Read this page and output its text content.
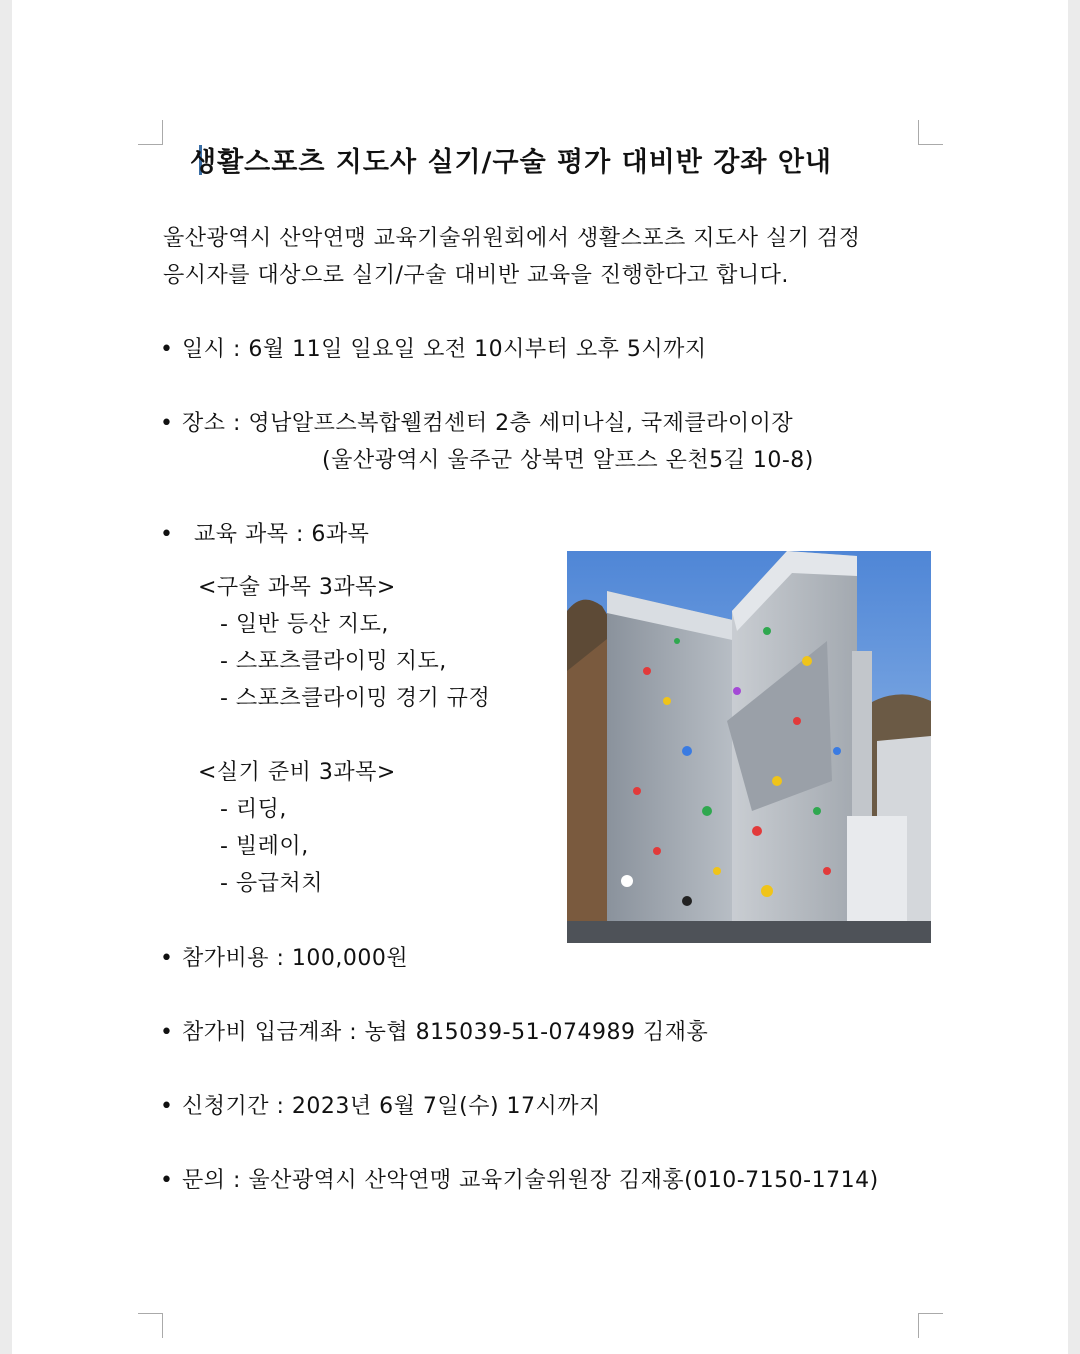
생활스포츠 지도사 실기/구술 평가 대비반 강좌 안내
울산광역시 산악연맹 교육기술위원회에서 생활스포츠 지도사 실기 검정
응시자를 대상으로 실기/구술 대비반 교육을 진행한다고 합니다.
• 일시 : 6월 11일 일요일 오전 10시부터 오후 5시까지
• 장소 : 영남알프스복합웰컴센터 2층 세미나실, 국제클라이이장
(울산광역시 울주군 상북면 알프스 온천5길 10-8)
• 교육 과목 : 6과목
<구술 과목 3과목>
- 일반 등산 지도,
- 스포츠클라이밍 지도,
- 스포츠클라이밍 경기 규정
<실기 준비 3과목>
- 리딩,
- 빌레이,
- 응급처치
• 참가비용 : 100,000원
• 참가비 입금계좌 : 농협 815039-51-074989 김재홍
• 신청기간 : 2023년 6월 7일(수) 17시까지
• 문의 : 울산광역시 산악연맹 교육기술위원장 김재홍(010-7150-1714)
